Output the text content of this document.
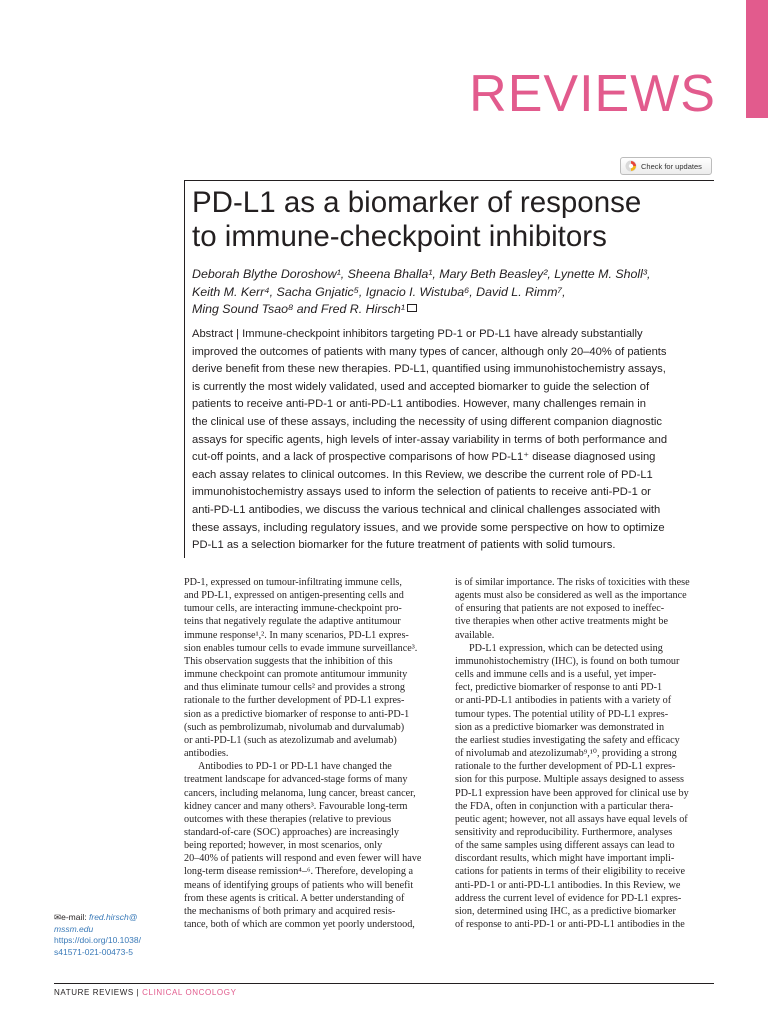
REVIEWS
Check for updates
PD-L1 as a biomarker of response
to immune-checkpoint inhibitors
Deborah Blythe Doroshow¹, Sheena Bhalla¹, Mary Beth Beasley², Lynette M. Sholl³,
Keith M. Kerr⁴, Sacha Gnjatic⁵, Ignacio I. Wistuba⁶, David L. Rimm⁷,
Ming Sound Tsao⁸ and Fred R. Hirsch¹
Abstract | Immune-checkpoint inhibitors targeting PD-1 or PD-L1 have already substantially
improved the outcomes of patients with many types of cancer, although only 20–40% of patients
derive benefit from these new therapies. PD-L1, quantified using immunohistochemistry assays,
is currently the most widely validated, used and accepted biomarker to guide the selection of
patients to receive anti-PD-1 or anti-PD-L1 antibodies. However, many challenges remain in
the clinical use of these assays, including the necessity of using different companion diagnostic
assays for specific agents, high levels of inter-assay variability in terms of both performance and
cut-off points, and a lack of prospective comparisons of how PD-L1⁺ disease diagnosed using
each assay relates to clinical outcomes. In this Review, we describe the current role of PD-L1
immunohistochemistry assays used to inform the selection of patients to receive anti-PD-1 or
anti-PD-L1 antibodies, we discuss the various technical and clinical challenges associated with
these assays, including regulatory issues, and we provide some perspective on how to optimize
PD-L1 as a selection biomarker for the future treatment of patients with solid tumours.
PD-1, expressed on tumour-infiltrating immune cells,
and PD-L1, expressed on antigen-presenting cells and
tumour cells, are interacting immune-checkpoint pro-
teins that negatively regulate the adaptive antitumour
immune response¹,². In many scenarios, PD-L1 expres-
sion enables tumour cells to evade immune surveillance³.
This observation suggests that the inhibition of this
immune checkpoint can promote antitumour immunity
and thus eliminate tumour cells² and provides a strong
rationale to the further development of PD-L1 expres-
sion as a predictive biomarker of response to anti-PD-1
(such as pembrolizumab, nivolumab and durvalumab)
or anti-PD-L1 (such as atezolizumab and avelumab)
antibodies.
Antibodies to PD-1 or PD-L1 have changed the
treatment landscape for advanced-stage forms of many
cancers, including melanoma, lung cancer, breast cancer,
kidney cancer and many others³. Favourable long-term
outcomes with these therapies (relative to previous
standard-of-care (SOC) approaches) are increasingly
being reported; however, in most scenarios, only
20–40% of patients will respond and even fewer will have
long-term disease remission⁴–⁶. Therefore, developing a
means of identifying groups of patients who will benefit
from these agents is critical. A better understanding of
the mechanisms of both primary and acquired resis-
tance, both of which are common yet poorly understood,
is of similar importance. The risks of toxicities with these
agents must also be considered as well as the importance
of ensuring that patients are not exposed to ineffec-
tive therapies when other active treatments might be
available.
PD-L1 expression, which can be detected using
immunohistochemistry (IHC), is found on both tumour
cells and immune cells and is a useful, yet imper-
fect, predictive biomarker of response to anti PD-1
or anti-PD-L1 antibodies in patients with a variety of
tumour types. The potential utility of PD-L1 expres-
sion as a predictive biomarker was demonstrated in
the earliest studies investigating the safety and efficacy
of nivolumab and atezolizumab⁹,¹⁰, providing a strong
rationale to the further development of PD-L1 expres-
sion for this purpose. Multiple assays designed to assess
PD-L1 expression have been approved for clinical use by
the FDA, often in conjunction with a particular thera-
peutic agent; however, not all assays have equal levels of
sensitivity and reproducibility. Furthermore, analyses
of the same samples using different assays can lead to
discordant results, which might have important impli-
cations for patients in terms of their eligibility to receive
anti-PD-1 or anti-PD-L1 antibodies. In this Review, we
address the current level of evidence for PD-L1 expres-
sion, determined using IHC, as a predictive biomarker
of response to anti-PD-1 or anti-PD-L1 antibodies in the
✉e-mail: fred.hirsch@
mssm.edu
https://doi.org/10.1038/
s41571-021-00473-5
NATURE REVIEWS | CLINICAL ONCOLOGY
